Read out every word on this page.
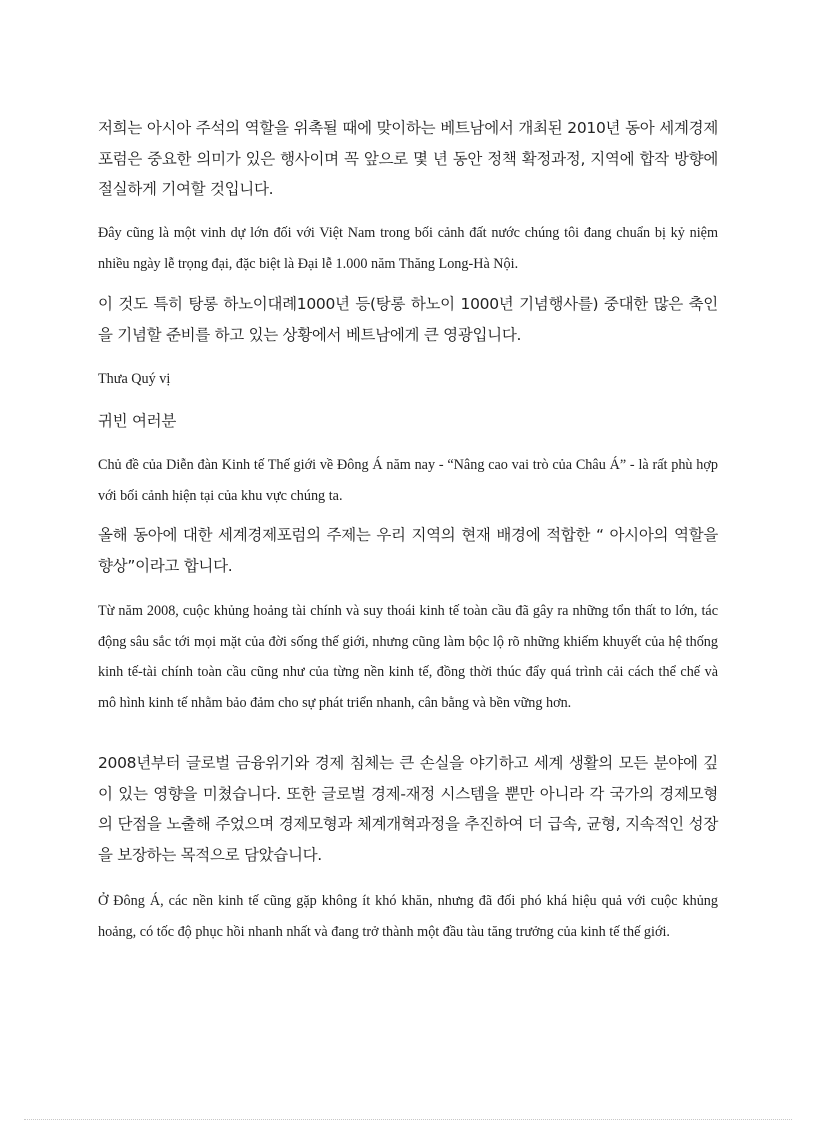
저희는 아시아 주석의 역할을 위촉될 때에 맞이하는 베트남에서 개최된 2010년 동아 세계경제포럼은 중요한 의미가 있은 행사이며 꼭 앞으로 몇 년 동안 정책 확정과정, 지역에 합작 방향에 절실하게 기여할 것입니다.

Đây cũng là một vinh dự lớn đối với Việt Nam trong bối cảnh đất nước chúng tôi đang chuẩn bị kỷ niệm nhiều ngày lễ trọng đại, đặc biệt là Đại lễ 1.000 năm Thăng Long-Hà Nội.

이 것도 특히 탕롱 하노이대례1000년 등(탕롱 하노이 1000년 기념행사를) 중대한 많은 축인을 기념할 준비를 하고 있는 상황에서 베트남에게 큰 영광입니다.

Thưa Quý vị

귀빈 여러분

Chủ đề của Diễn đàn Kinh tế Thế giới về Đông Á năm nay - “Nâng cao vai trò của Châu Á” - là rất phù hợp với bối cảnh hiện tại của khu vực chúng ta.

올해 동아에 대한 세계경제포럼의 주제는 우리 지역의 현재 배경에 적합한 “ 아시아의 역할을 향상”이라고 합니다.

Từ năm 2008, cuộc khủng hoảng tài chính và suy thoái kinh tế toàn cầu đã gây ra những tổn thất to lớn, tác động sâu sắc tới mọi mặt của đời sống thế giới, nhưng cũng làm bộc lộ rõ những khiếm khuyết của hệ thống kinh tế-tài chính toàn cầu cũng như của từng nền kinh tế, đồng thời thúc đẩy quá trình cải cách thể chế và mô hình kinh tế nhằm bảo đảm cho sự phát triển nhanh, cân bằng và bền vững hơn.

2008년부터 글로벌 금융위기와 경제 침체는 큰 손실을 야기하고 세계 생활의 모든 분야에 깊이 있는 영향을 미쳤습니다. 또한 글로벌 경제-재정 시스템을 뿐만 아니라 각 국가의 경제모형의 단점을 노출해 주었으며 경제모형과 체계개혁과정을 추진하여 더 급속, 균형, 지속적인 성장을 보장하는 목적으로 담았습니다.

Ở Đông Á, các nền kinh tế cũng gặp không ít khó khăn, nhưng đã đối phó khá hiệu quả với cuộc khủng hoảng, có tốc độ phục hồi nhanh nhất và đang trở thành một đầu tàu tăng trưởng của kinh tế thế giới.
